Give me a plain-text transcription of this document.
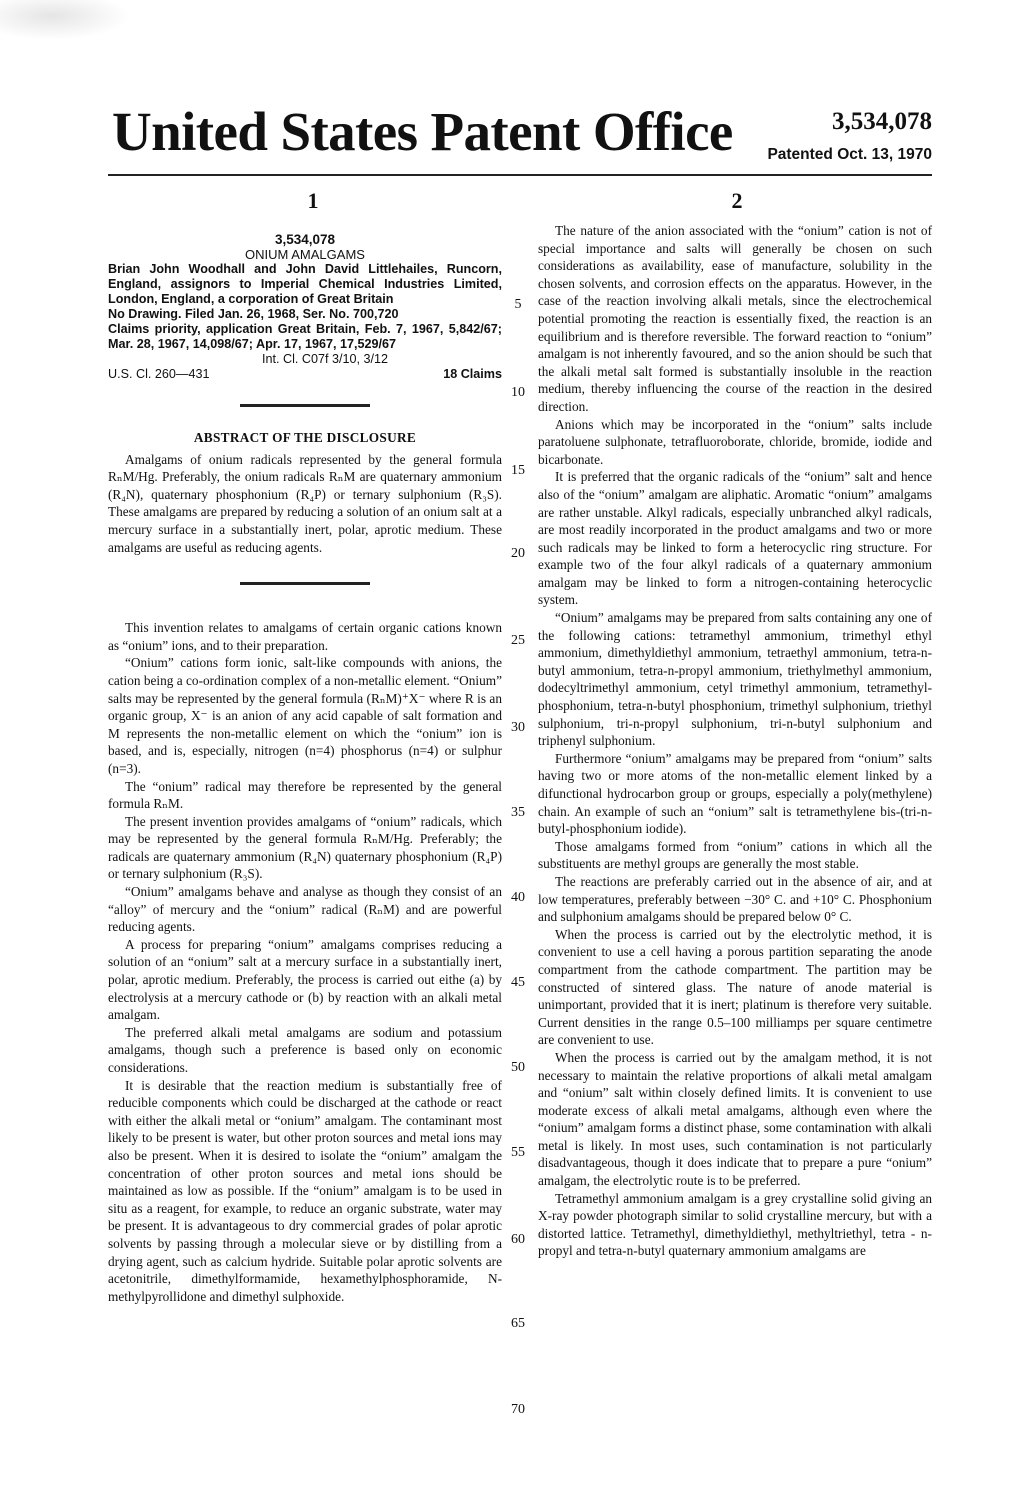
United States Patent Office	3,534,078
Patented Oct. 13, 1970
1	2
3,534,078
ONIUM AMALGAMS
Brian John Woodhall and John David Littlehailes, Runcorn, England, assignors to Imperial Chemical Industries Limited, London, England, a corporation of Great Britain
No Drawing. Filed Jan. 26, 1968, Ser. No. 700,720
Claims priority, application Great Britain, Feb. 7, 1967, 5,842/67; Mar. 28, 1967, 14,098/67; Apr. 17, 1967, 17,529/67
Int. Cl. C07f 3/10, 3/12
U.S. Cl. 260—431	18 Claims
ABSTRACT OF THE DISCLOSURE

Amalgams of onium radicals represented by the general formula RₙM/Hg. Preferably, the onium radicals RₙM are quaternary ammonium (R₄N), quaternary phosphonium (R₄P) or ternary sulphonium (R₃S). These amalgams are prepared by reducing a solution of an onium salt at a mercury surface in a substantially inert, polar, aprotic medium. These amalgams are useful as reducing agents.

This invention relates to amalgams of certain organic cations known as “onium” ions, and to their preparation.

“Onium” cations form ionic, salt-like compounds with anions, the cation being a co-ordination complex of a non-metallic element. “Onium” salts may be represented by the general formula (RₙM)⁺X⁻ where R is an organic group, X⁻ is an anion of any acid capable of salt formation and M represents the non-metallic element on which the “onium” ion is based, and is, especially, nitrogen (n=4) phosphorus (n=4) or sulphur (n=3).

The “onium” radical may therefore be represented by the general formula RₙM.

The present invention provides amalgams of “onium” radicals, which may be represented by the general formula RₙM/Hg. Preferably; the radicals are quaternary ammonium (R₄N) quaternary phosphonium (R₄P) or ternary sulphonium (R₃S).

“Onium” amalgams behave and analyse as though they consist of an “alloy” of mercury and the “onium” radical (RₙM) and are powerful reducing agents.

A process for preparing “onium” amalgams comprises reducing a solution of an “onium” salt at a mercury surface in a substantially inert, polar, aprotic medium. Preferably, the process is carried out eithe (a) by electrolysis at a mercury cathode or (b) by reaction with an alkali metal amalgam.

The preferred alkali metal amalgams are sodium and potassium amalgams, though such a preference is based only on economic considerations.

It is desirable that the reaction medium is substantially free of reducible components which could be discharged at the cathode or react with either the alkali metal or “onium” amalgam. The contaminant most likely to be present is water, but other proton sources and metal ions may also be present. When it is desired to isolate the “onium” amalgam the concentration of other proton sources and metal ions should be maintained as low as possible. If the “onium” amalgam is to be used in situ as a reagent, for example, to reduce an organic substrate, water may be present. It is advantageous to dry commercial grades of polar aprotic solvents by passing through a molecular sieve or by distilling from a drying agent, such as calcium hydride. Suitable polar aprotic solvents are acetonitrile, dimethylformamide, hexamethylphosphoramide, N-methylpyrollidone and dimethyl sulphoxide.

5
10
15
20
25
30
35
40
45
50
55
60
65
70

The nature of the anion associated with the “onium” cation is not of special importance and salts will generally be chosen on such considerations as availability, ease of manufacture, solubility in the chosen solvents, and corrosion effects on the apparatus. However, in the case of the reaction involving alkali metals, since the electrochemical potential promoting the reaction is essentially fixed, the reaction is an equilibrium and is therefore reversible. The forward reaction to “onium” amalgam is not inherently favoured, and so the anion should be such that the alkali metal salt formed is substantially insoluble in the reaction medium, thereby influencing the course of the reaction in the desired direction.

Anions which may be incorporated in the “onium” salts include paratoluene sulphonate, tetrafluoroborate, chloride, bromide, iodide and bicarbonate.

It is preferred that the organic radicals of the “onium” salt and hence also of the “onium” amalgam are aliphatic. Aromatic “onium” amalgams are rather unstable. Alkyl radicals, especially unbranched alkyl radicals, are most readily incorporated in the product amalgams and two or more such radicals may be linked to form a heterocyclic ring structure. For example two of the four alkyl radicals of a quaternary ammonium amalgam may be linked to form a nitrogen-containing heterocyclic system.

“Onium” amalgams may be prepared from salts containing any one of the following cations: tetramethyl ammonium, trimethyl ethyl ammonium, dimethyldiethyl ammonium, tetraethyl ammonium, tetra-n-butyl ammonium, tetra-n-propyl ammonium, triethylmethyl ammonium, dodecyltrimethyl ammonium, cetyl trimethyl ammonium, tetramethyl-phosphonium, tetra-n-butyl phosphonium, trimethyl sulphonium, triethyl sulphonium, tri-n-propyl sulphonium, tri-n-butyl sulphonium and triphenyl sulphonium.

Furthermore “onium” amalgams may be prepared from “onium” salts having two or more atoms of the non-metallic element linked by a difunctional hydrocarbon group or groups, especially a poly(methylene) chain. An example of such an “onium” salt is tetramethylene bis-(tri-n-butyl-phosphonium iodide).

Those amalgams formed from “onium” cations in which all the substituents are methyl groups are generally the most stable.

The reactions are preferably carried out in the absence of air, and at low temperatures, preferably between −30° C. and +10° C. Phosphonium and sulphonium amalgams should be prepared below 0° C.

When the process is carried out by the electrolytic method, it is convenient to use a cell having a porous partition separating the anode compartment from the cathode compartment. The partition may be constructed of sintered glass. The nature of anode material is unimportant, provided that it is inert; platinum is therefore very suitable. Current densities in the range 0.5–100 milliamps per square centimetre are convenient to use.

When the process is carried out by the amalgam method, it is not necessary to maintain the relative proportions of alkali metal amalgam and “onium” salt within closely defined limits. It is convenient to use moderate excess of alkali metal amalgams, although even where the “onium” amalgam forms a distinct phase, some contamination with alkali metal is likely. In most uses, such contamination is not particularly disadvantageous, though it does indicate that to prepare a pure “onium” amalgam, the electrolytic route is to be preferred.

Tetramethyl ammonium amalgam is a grey crystalline solid giving an X-ray powder photograph similar to solid crystalline mercury, but with a distorted lattice. Tetramethyl, dimethyldiethyl, methyltriethyl, tetra - n-propyl and tetra-n-butyl quaternary ammonium amalgams are
